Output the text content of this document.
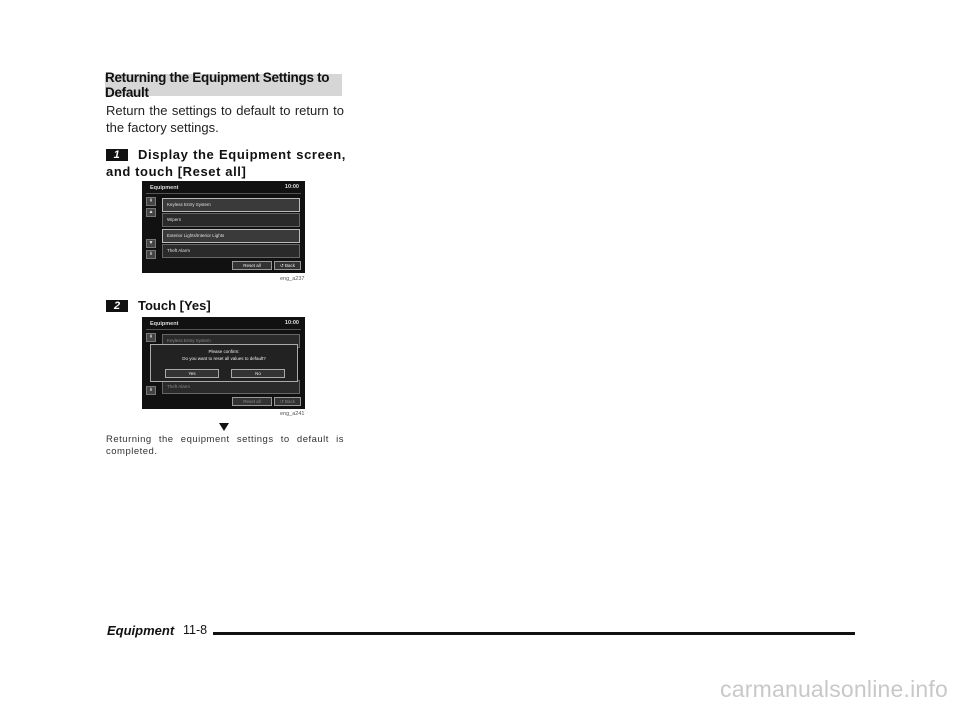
Returning the Equipment Settings to Default

Return the settings to default to return to the factory settings.

1 Display the Equipment screen, and touch [Reset all]
Equipment	10:00
⇞
▲
▼
⇟
Keyless Entry System
Wipers
Exterior Lights/Interior Lights
Theft Alarm
Reset all	↺ Back
eng_a237
2 Touch [Yes]
Equipment	10:00
⇞
⇟
Keyless Entry System
Theft Alarm
Please confirm:
Do you want to reset all values to default?
Yes	No
Reset all	↺ Back
eng_a241

Returning the equipment settings to default is completed.

Equipment 11-8
carmanualsonline.info
